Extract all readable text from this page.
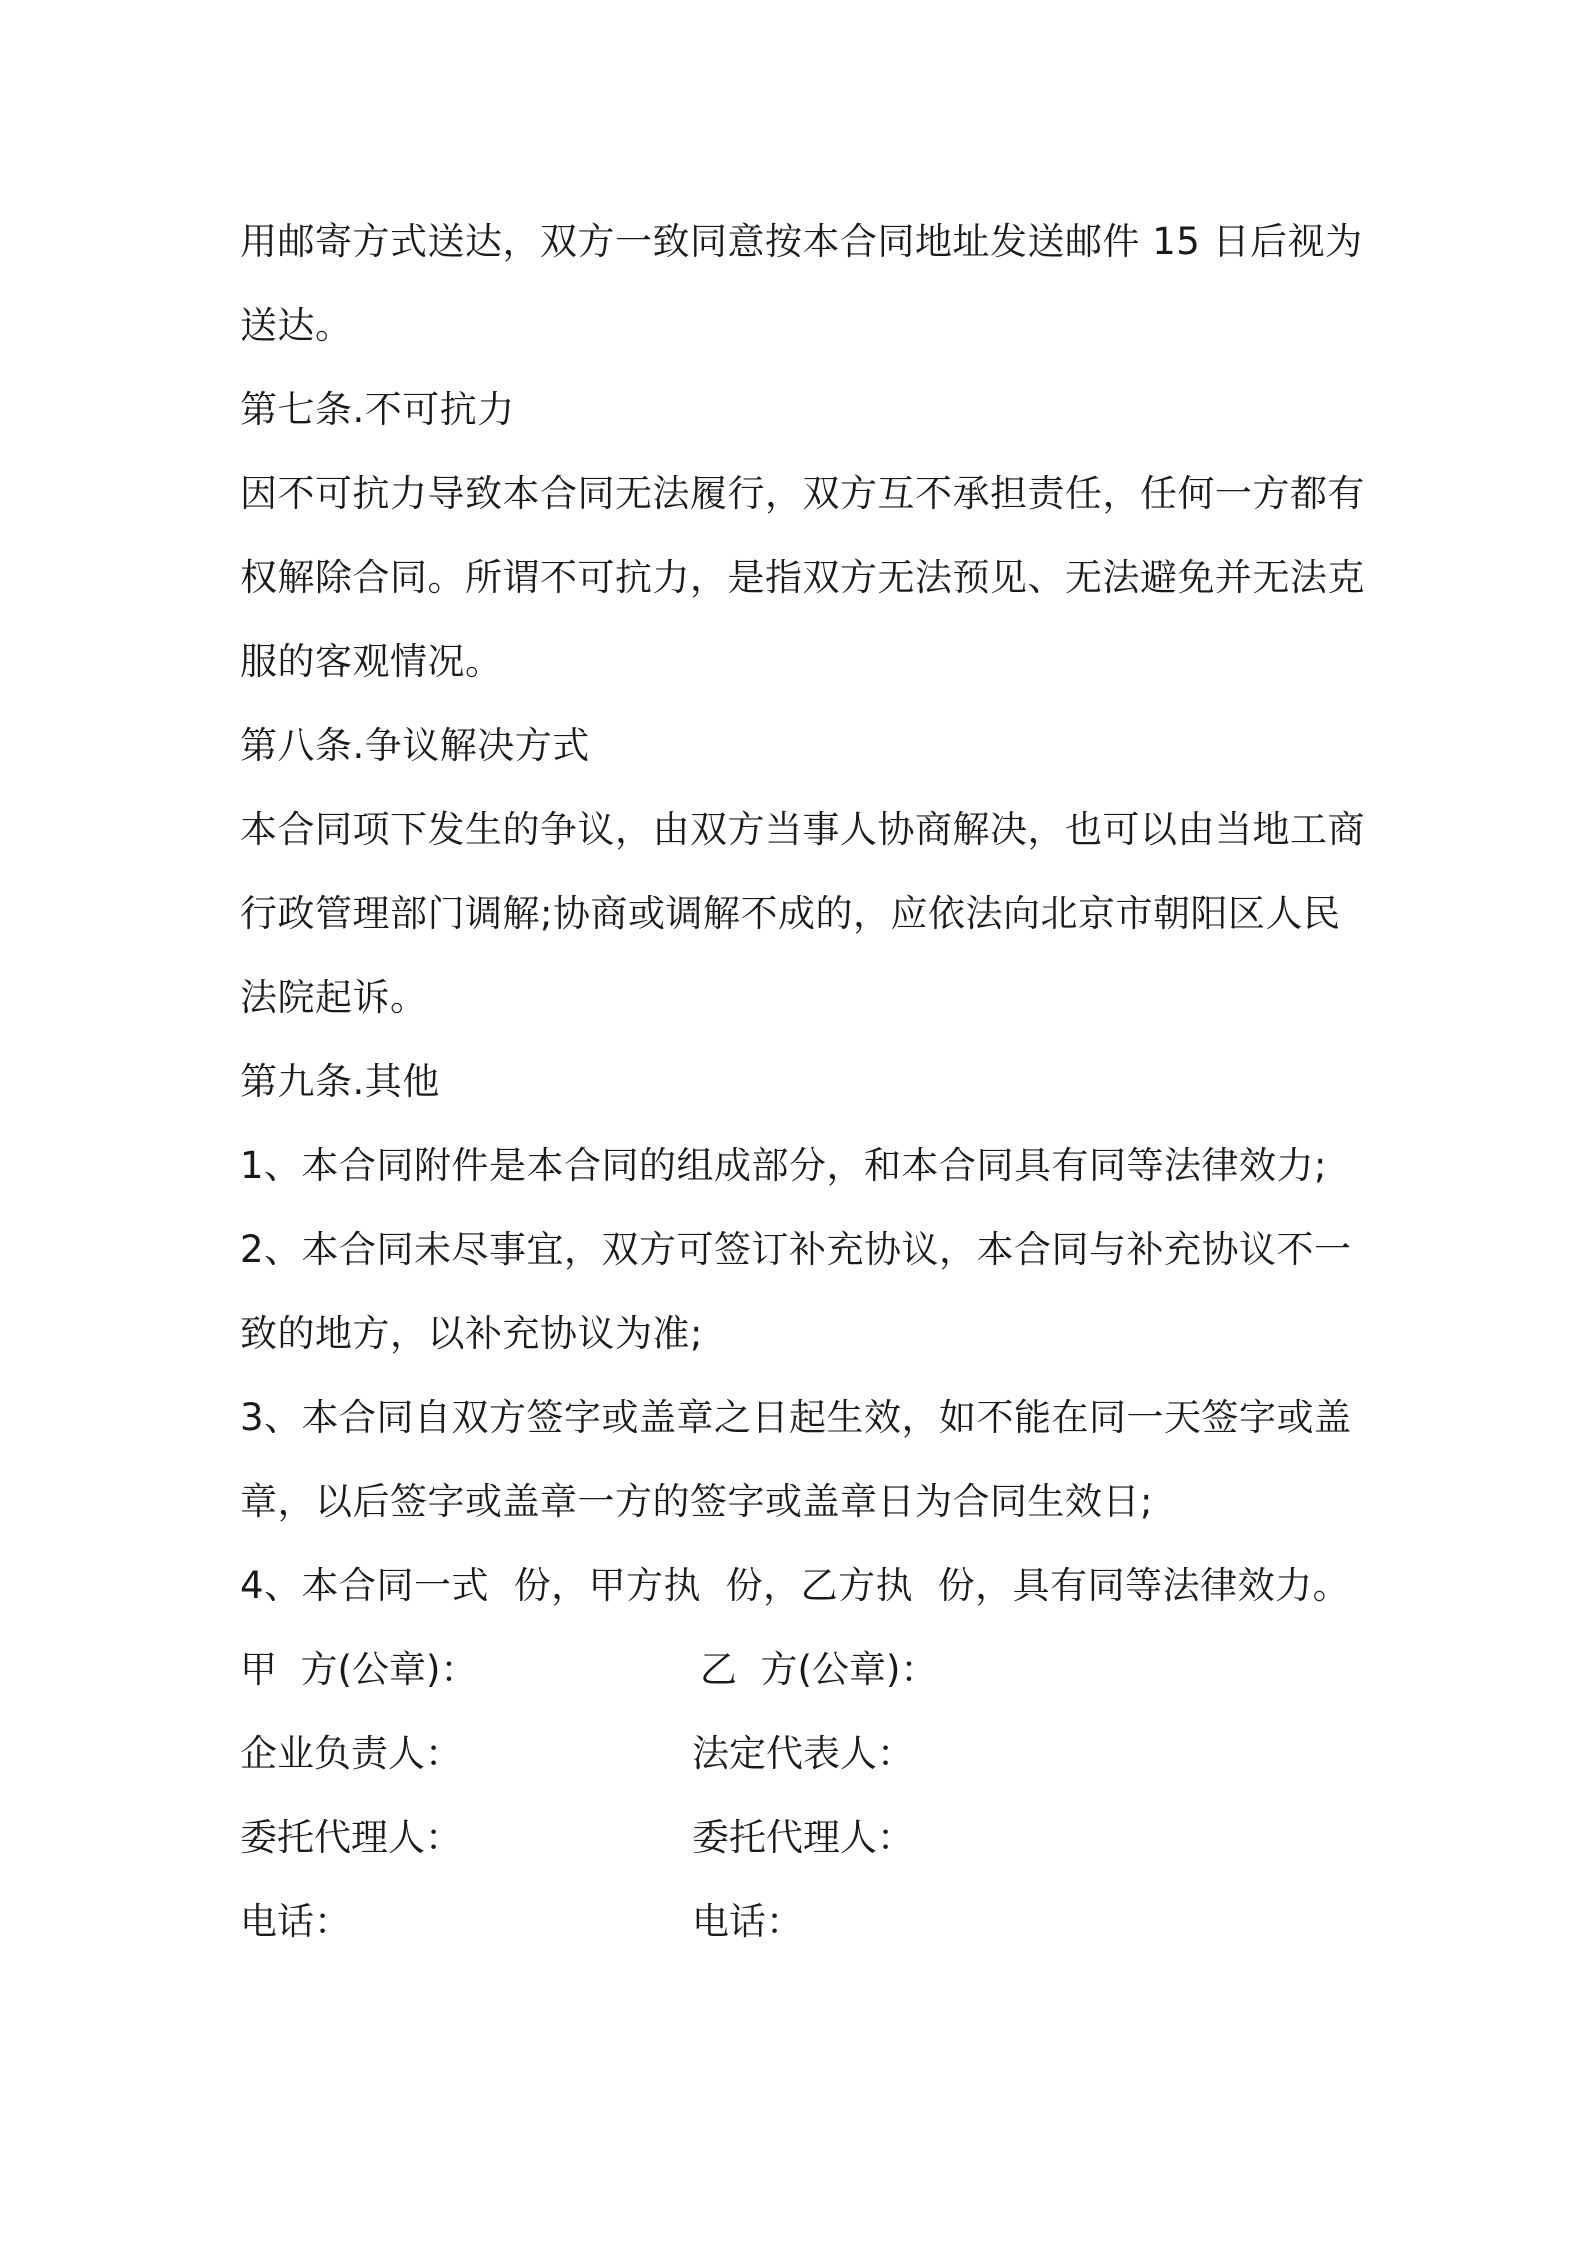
用邮寄方式送达，双方一致同意按本合同地址发送邮件 15 日后视为
送达。
第七条.不可抗力
因不可抗力导致本合同无法履行，双方互不承担责任，任何一方都有
权解除合同。所谓不可抗力，是指双方无法预见、无法避免并无法克
服的客观情况。
第八条.争议解决方式
本合同项下发生的争议，由双方当事人协商解决，也可以由当地工商
行政管理部门调解;协商或调解不成的，应依法向北京市朝阳区人民
法院起诉。
第九条.其他
1、本合同附件是本合同的组成部分，和本合同具有同等法律效力;
2、本合同未尽事宜，双方可签订补充协议，本合同与补充协议不一
致的地方，以补充协议为准;
3、本合同自双方签字或盖章之日起生效，如不能在同一天签字或盖
章，以后签字或盖章一方的签字或盖章日为合同生效日;
4、本合同一式  份，甲方执  份，乙方执  份，具有同等法律效力。
甲  方(公章)：	乙  方(公章)：
企业负责人：	法定代表人：
委托代理人：	委托代理人：
电话：	电话：
